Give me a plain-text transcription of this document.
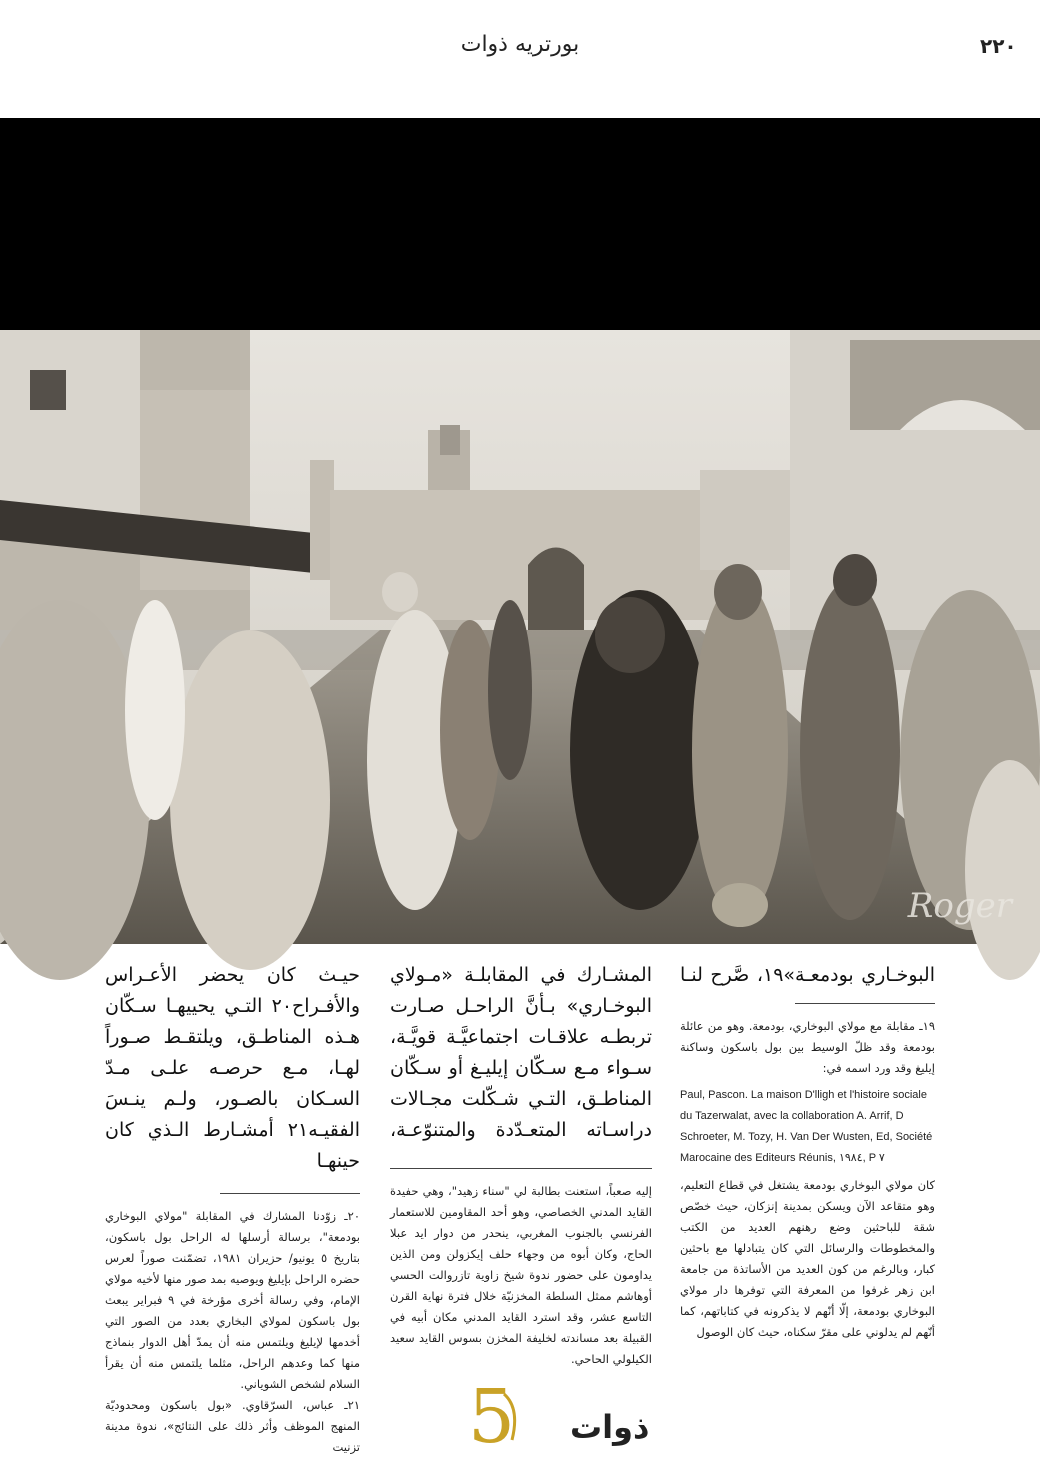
٢٢٠
بورتريه ذوات
Roger

البوخـاري بودمعـة»١٩، صَّرح لنـا

١٩ـ مقابلة مع مولاي البوخاري، بودمعة. وهو من عائلة بودمعة وقد ظلّ الوسيط بين بول باسكون وساكنة إيليغ وقد ورد اسمه في:

Paul, Pascon. La maison D'lligh et l'histoire sociale du Tazerwalat, avec la collaboration A. Arrif, D Schroeter, M. Tozy, H. Van Der Wusten, Ed, Société Marocaine des Editeurs Réunis, ١٩٨٤, P ٧

كان مولاي البوخاري بودمعة يشتغل في قطاع التعليم، وهو متقاعد الآن ويسكن بمدينة إنزكان، حيث خصّص شقة للباحثين وضع رهنهم العديد من الكتب والمخطوطات والرسائل التي كان يتبادلها مع باحثين كبار، وبالرغم من كون العديد من الأساتذة من جامعة ابن زهر غرفوا من المعرفة التي توفرها دار مولاي البوخاري بودمعة، إلّا أنّهم لا يذكرونه في كتاباتهم، كما أنّهم لم يدلوني على مقرّ سكناه، حيث كان الوصول

المشـارك في المقابلـة «مـولاي البوخـاري» بـأنَّ الراحـل صـارت تربطـه علاقـات اجتماعيَّـة قويَّـة، سـواء مـع سـكّان إيليـغ أو سـكّان المناطـق، التـي شـكّلت مجـالات دراسـاته المتعـدّدة والمتنوّعـة،

إليه صعباً، استعنت بطالبة لي "سناء زهيد"، وهي حفيدة القايد المدني الخصاصي، وهو أحد المقاومين للاستعمار الفرنسي بالجنوب المغربي، ينحدر من دوار ايد عبلا الحاج، وكان أبوه من وجهاء حلف إيكزولن ومن الذين يداومون على حضور ندوة شيخ زاوية تازروالت الحسي أوهاشم ممثل السلطة المخزنيّة خلال فترة نهاية القرن التاسع عشر، وقد استرد القايد المدني مكان أبيه في القبيلة بعد مساندته لخليفة المخزن بسوس القايد سعيد الكيلولي الحاحي.

حيـث كان يحضر الأعـراس والأفـراح٢٠ التـي يحييهـا سـكّان هـذه المناطـق، ويلتقـط صـوراً لهـا، مـع حرصـه علـى مـدّ السـكان بالصـور، ولـم ينـسَ الفقيـه٢١ أمشـارط الـذي كان حينهـا

٢٠ـ زوّدنا المشارك في المقابلة "مولاي البوخاري بودمعة"، برسالة أرسلها له الراحل بول باسكون، بتاريخ ٥ يونيو/ حزيران ١٩٨١، تضمّنت صوراً لعرس حضره الراحل بإيليغ ويوصيه بمد صور منها لأخيه مولاي الإمام، وفي رسالة أخرى مؤرخة في ٩ فبراير يبعث بول باسكون لمولاي البخاري بعدد من الصور التي أخدمها لإيليغ ويلتمس منه أن يمدّ أهل الدوار بنماذج منها كما وعدهم الراحل، مثلما يلتمس منه أن يقرأ السلام لشخص الشوياني.

٢١ـ عباس، السرّقاوي. «بول باسكون ومحدوديّة المنهج الموظف وأثر ذلك على النتائج»، ندوة مدينة تزنيت 5 ذوات
